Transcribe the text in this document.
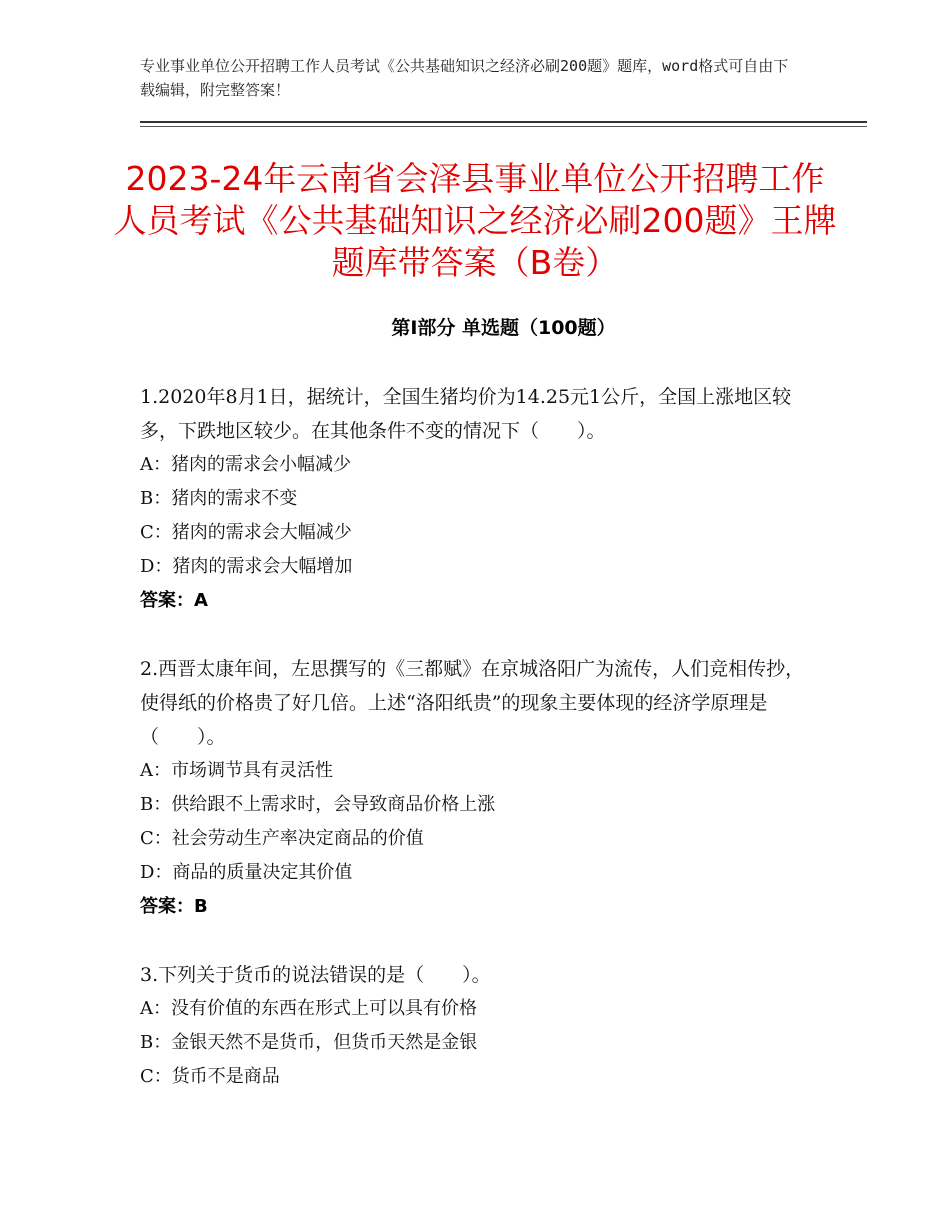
专业事业单位公开招聘工作人员考试《公共基础知识之经济必刷200题》题库，word格式可自由下载编辑，附完整答案！
2023-24年云南省会泽县事业单位公开招聘工作人员考试《公共基础知识之经济必刷200题》王牌题库带答案（B卷）
第Ⅰ部分 单选题（100题）
1.2020年8月1日，据统计，全国生猪均价为14.25元1公斤，全国上涨地区较多，下跌地区较少。在其他条件不变的情况下（　　）。
A：猪肉的需求会小幅减少
B：猪肉的需求不变
C：猪肉的需求会大幅减少
D：猪肉的需求会大幅增加
答案：A
2.西晋太康年间，左思撰写的《三都赋》在京城洛阳广为流传，人们竞相传抄，使得纸的价格贵了好几倍。上述“洛阳纸贵”的现象主要体现的经济学原理是（　　）。
A：市场调节具有灵活性
B：供给跟不上需求时，会导致商品价格上涨
C：社会劳动生产率决定商品的价值
D：商品的质量决定其价值
答案：B
3.下列关于货币的说法错误的是（　　）。
A：没有价值的东西在形式上可以具有价格
B：金银天然不是货币，但货币天然是金银
C：货币不是商品
